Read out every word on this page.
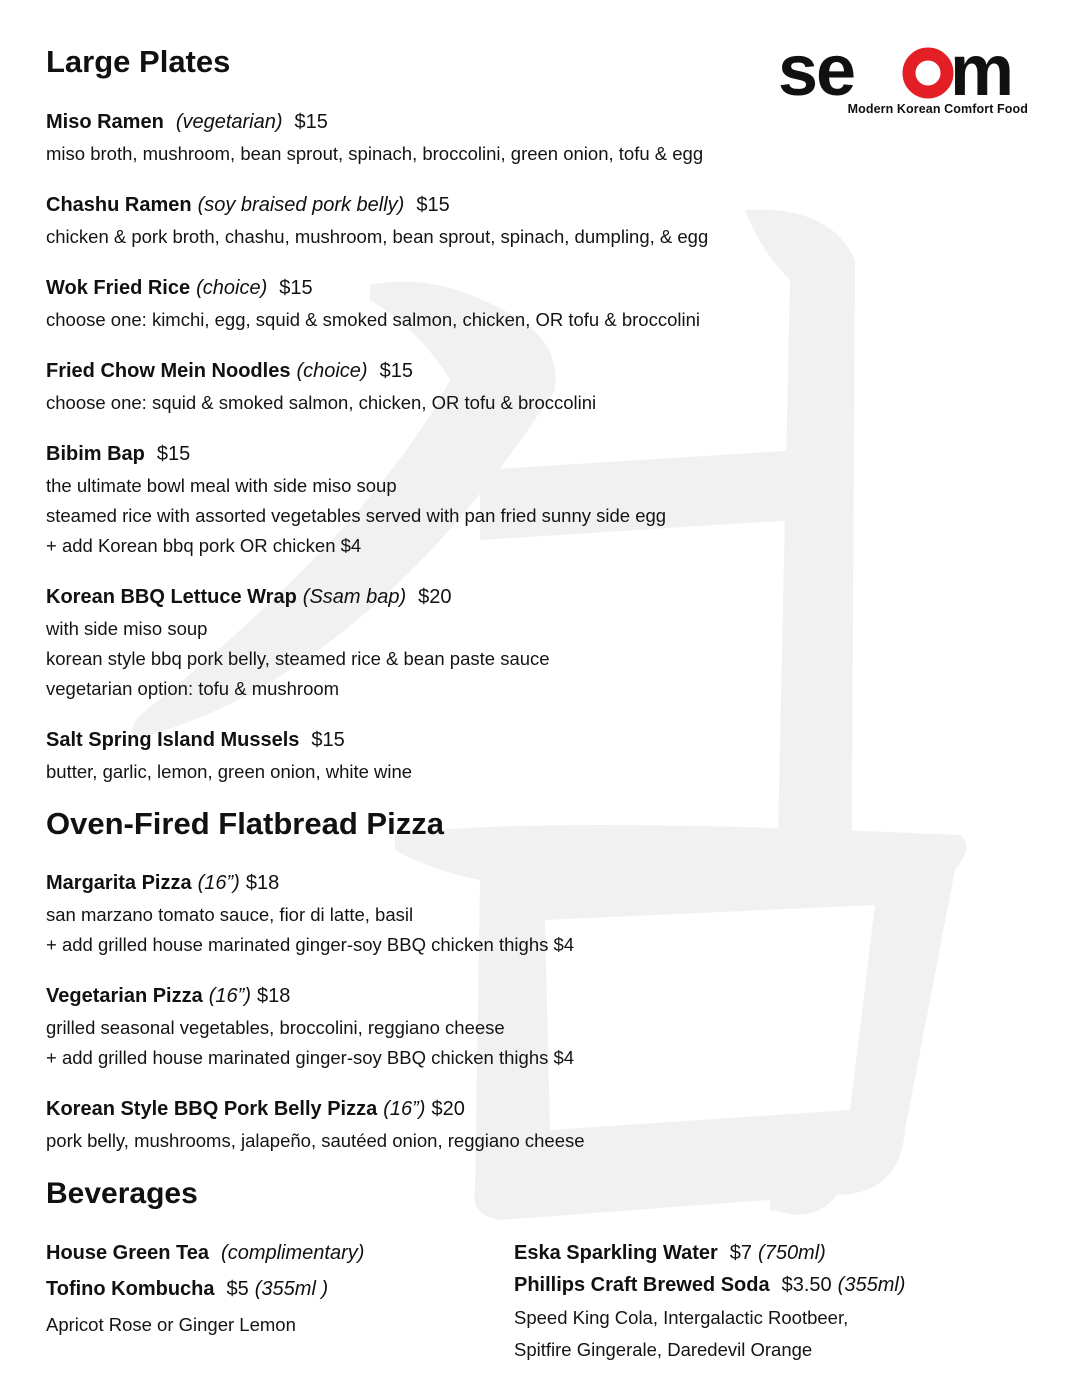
se m
Modern Korean Comfort Food
Large Plates
Miso Ramen (vegetarian) $15
miso broth, mushroom, bean sprout, spinach, broccolini, green onion, tofu & egg
Chashu Ramen (soy braised pork belly) $15
chicken & pork broth, chashu, mushroom, bean sprout, spinach, dumpling, & egg
Wok Fried Rice (choice) $15
choose one: kimchi, egg, squid & smoked salmon, chicken, OR tofu & broccolini
Fried Chow Mein Noodles (choice) $15
choose one: squid & smoked salmon, chicken, OR tofu & broccolini
Bibim Bap $15
the ultimate bowl meal with side miso soup
steamed rice with assorted vegetables served with pan fried sunny side egg
+ add Korean bbq pork OR chicken $4
Korean BBQ Lettuce Wrap (Ssam bap) $20
with side miso soup
korean style bbq pork belly, steamed rice & bean paste sauce
vegetarian option: tofu & mushroom
Salt Spring Island Mussels $15
butter, garlic, lemon, green onion, white wine
Oven-Fired Flatbread Pizza
Margarita Pizza (16”) $18
san marzano tomato sauce, fior di latte, basil
+ add grilled house marinated ginger-soy BBQ chicken thighs $4
Vegetarian Pizza (16”) $18
grilled seasonal vegetables, broccolini, reggiano cheese
+ add grilled house marinated ginger-soy BBQ chicken thighs $4
Korean Style BBQ Pork Belly Pizza (16”) $20
pork belly, mushrooms, jalapeño, sautéed onion, reggiano cheese
Beverages
House Green Tea (complimentary)
Tofino Kombucha $5 (355ml )
Apricot Rose or Ginger Lemon
Eska Sparkling Water $7 (750ml)
Phillips Craft Brewed Soda $3.50 (355ml)
Speed King Cola, Intergalactic Rootbeer,
Spitfire Gingerale, Daredevil Orange
